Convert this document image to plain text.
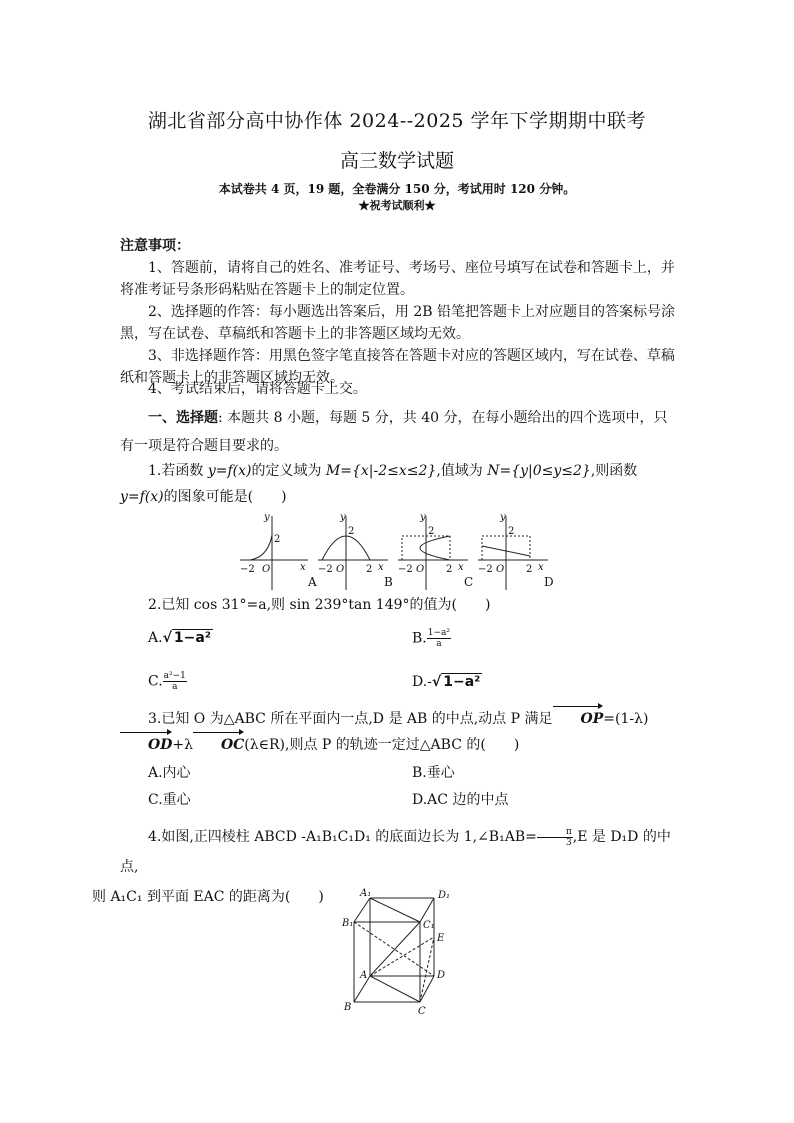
湖北省部分高中协作体 2024--2025 学年下学期期中联考
高三数学试题
本试卷共 4 页，19 题，全卷满分 150 分，考试用时 120 分钟。
★祝考试顺利★
注意事项：
1、答题前，请将自己的姓名、准考证号、考场号、座位号填写在试卷和答题卡上，并将准考证号条形码粘贴在答题卡上的制定位置。
2、选择题的作答：每小题选出答案后，用 2B 铅笔把答题卡上对应题目的答案标号涂黑，写在试卷、草稿纸和答题卡上的非答题区域均无效。
3、非选择题作答：用黑色签字笔直接答在答题卡对应的答题区域内，写在试卷、草稿纸和答题卡上的非答题区域均无效。
4、考试结束后，请将答题卡上交。
一、选择题: 本题共 8 小题，每题 5 分，共 40 分，在每小题给出的四个选项中，只有一项是符合题目要求的。
1.若函数 y=f(x)的定义域为 M={x|-2≤x≤2},值域为 N={y|0≤y≤2},则函数 y=f(x)的图象可能是(　　)
y
2
−2 O	x
A
y
2
−2 O 2 x
B
y
2
−2 O 2 x
C
y
2
−2 O 2 x
D
2.已知 cos 31°=a,则 sin 239°tan 149°的值为(　　)
A.√ 1−a²	B. $\frac{\text{1−a²}}{a}$
C. $\frac{\text{a²−1}}{a}$	D.-√ 1−a²
3.已知 O 为△ABC 所在平面内一点,D 是 AB 的中点,动点 P 满足 OP=(1-λ)OD+λ OC(λ∈R),则点 P 的轨迹一定过△ABC 的(　　)
A.内心	B.垂心
C.重心	D.AC 边的中点
4.如图,正四棱柱 ABCD -A₁B₁C₁D₁ 的底面边长为 1,∠B₁AB= $\frac{\pi}{3} ,E$ 是 D₁D 的中点,
则 A₁C₁ 到平面 EAC 的距离为(　　)	A₁	D₁
B₁	C₁
E
A	D
B	C
